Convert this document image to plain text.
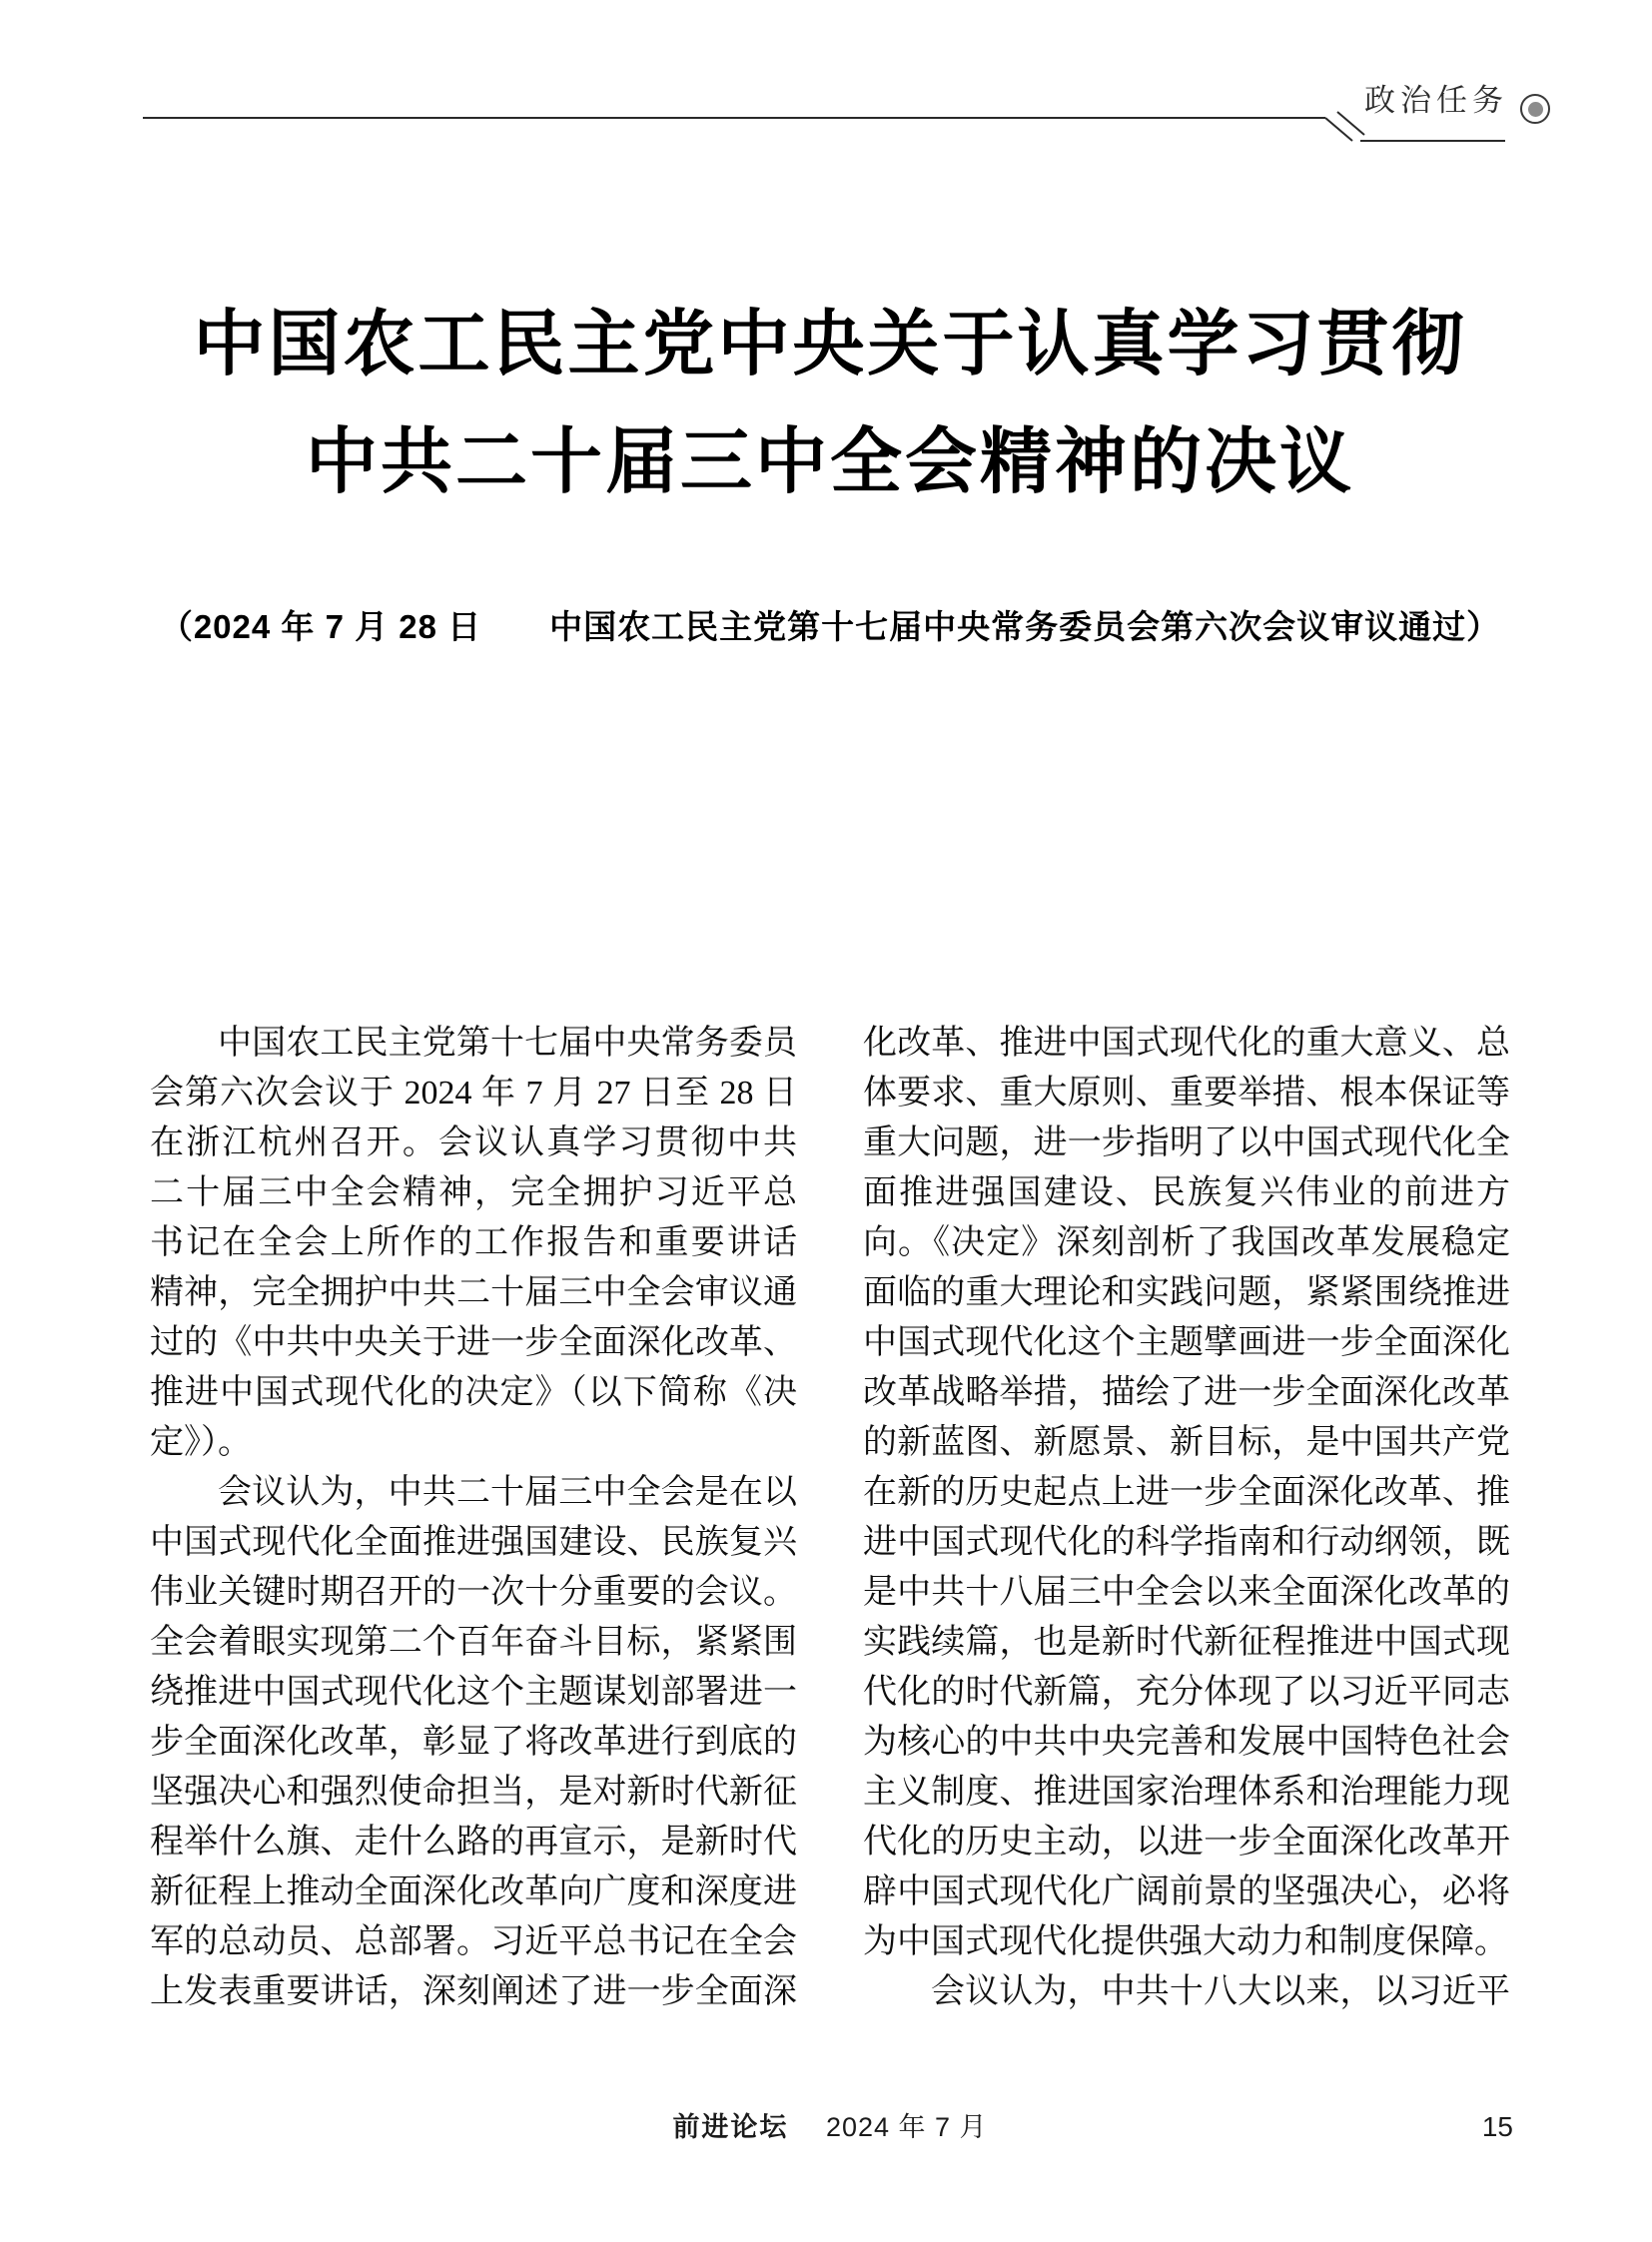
政治任务
中国农工民主党中央关于认真学习贯彻
中共二十届三中全会精神的决议
（2024 年 7 月 28 日　　中国农工民主党第十七届中央常务委员会第六次会议审议通过）
中国农工民主党第十七届中央常务委员
会第六次会议于 2024 年 7 月 27 日至 28 日
在浙江杭州召开。会议认真学习贯彻中共
二十届三中全会精神，完全拥护习近平总
书记在全会上所作的工作报告和重要讲话
精神，完全拥护中共二十届三中全会审议通
过的《中共中央关于进一步全面深化改革、
推进中国式现代化的决定》（以下简称《决
定》）。
会议认为，中共二十届三中全会是在以
中国式现代化全面推进强国建设、民族复兴
伟业关键时期召开的一次十分重要的会议。
全会着眼实现第二个百年奋斗目标，紧紧围
绕推进中国式现代化这个主题谋划部署进一
步全面深化改革，彰显了将改革进行到底的
坚强决心和强烈使命担当，是对新时代新征
程举什么旗、走什么路的再宣示，是新时代
新征程上推动全面深化改革向广度和深度进
军的总动员、总部署。习近平总书记在全会
上发表重要讲话，深刻阐述了进一步全面深
化改革、推进中国式现代化的重大意义、总
体要求、重大原则、重要举措、根本保证等
重大问题，进一步指明了以中国式现代化全
面推进强国建设、民族复兴伟业的前进方
向。《决定》深刻剖析了我国改革发展稳定
面临的重大理论和实践问题，紧紧围绕推进
中国式现代化这个主题擘画进一步全面深化
改革战略举措，描绘了进一步全面深化改革
的新蓝图、新愿景、新目标，是中国共产党
在新的历史起点上进一步全面深化改革、推
进中国式现代化的科学指南和行动纲领，既
是中共十八届三中全会以来全面深化改革的
实践续篇，也是新时代新征程推进中国式现
代化的时代新篇，充分体现了以习近平同志
为核心的中共中央完善和发展中国特色社会
主义制度、推进国家治理体系和治理能力现
代化的历史主动，以进一步全面深化改革开
辟中国式现代化广阔前景的坚强决心，必将
为中国式现代化提供强大动力和制度保障。
会议认为，中共十八大以来，以习近平
前进论坛 2024 年 7 月	15
